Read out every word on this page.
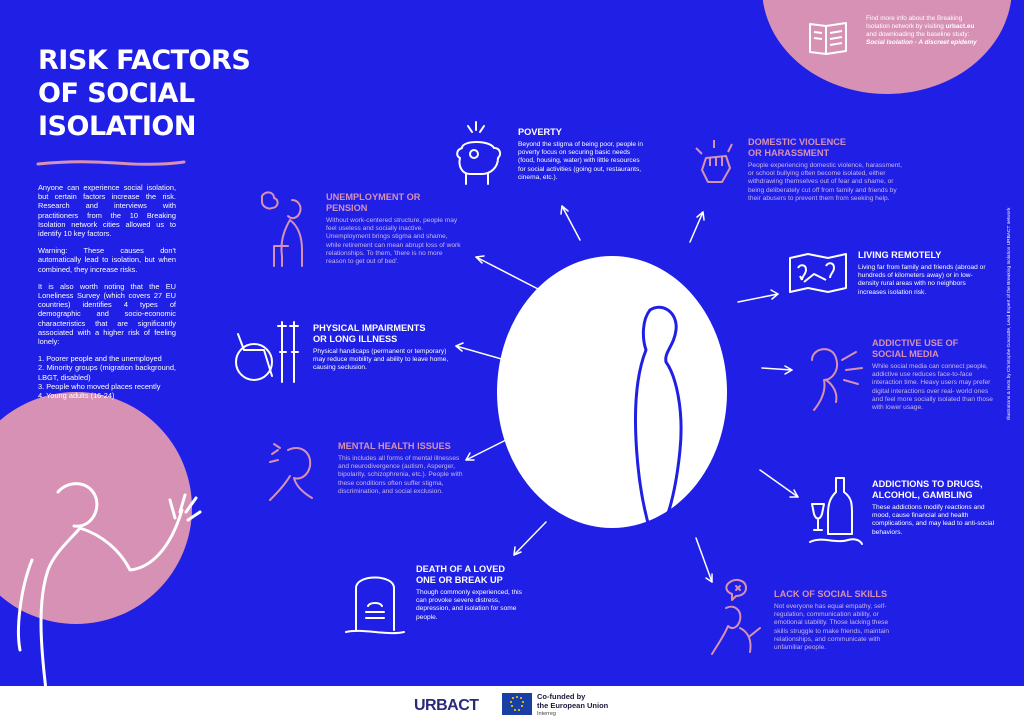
RISK FACTORS
OF SOCIAL
ISOLATION

Anyone can experience social isolation, but certain factors increase the risk. Research and interviews with practitioners from the 10 Breaking Isolation network cities allowed us to identify 10 key factors.

Warning: These causes don't automatically lead to isolation, but when combined, they increase risks.

It is also worth noting that the EU Loneliness Survey (which covers 27 EU countries) identifies 4 types of demographic and socio-economic characteristics that are significantly associated with a higher risk of feeling lonely:

1. Poorer people and the unemployed
2. Minority groups (migration background, LBGT, disabled)
3. People who moved places recently
4. Young adults (16-24)
Find more info about the Breaking Isolation network by visiting urbact.eu and downloading the baseline study: Social Isolation - A discreet epidemy
POVERTY

Beyond the stigma of being poor, people in poverty focus on securing basic needs (food, housing, water) with little resources for social activities (going out, restaurants, cinema, etc.).

DOMESTIC VIOLENCE
OR HARASSMENT

People experiencing domestic violence, harassment, or school bullying often become isolated, either withdrawing themselves out of fear and shame, or being deliberately cut off from family and friends by their abusers to prevent them from seeking help.

UNEMPLOYMENT OR
PENSION

Without work-centered structure, people may feel useless and socially inactive. Unemployment brings stigma and shame, while retirement can mean abrupt loss of work relationships. To them, 'there is no more reason to get out of bed'.

LIVING REMOTELY

Living far from family and friends (abroad or hundreds of kilometers away) or in low-density rural areas with no neighbors increases isolation risk.

PHYSICAL IMPAIRMENTS
OR LONG ILLNESS

Physical handicaps (permanent or temporary) may reduce mobility and ability to leave home, causing seclusion.

ADDICTIVE USE OF
SOCIAL MEDIA

While social media can connect people, addictive use reduces face-to-face interaction time. Heavy users may prefer digital interactions over real- world ones and feel more socially isolated than those with lower usage.

MENTAL HEALTH ISSUES

This includes all forms of mental illnesses and neurodivergence (autism, Asperger, bipolarity, schizophrenia, etc.). People with these conditions often suffer stigma, discrimination, and social exclusion.

ADDICTIONS TO DRUGS,
ALCOHOL, GAMBLING

These addictions modify reactions and mood, cause financial and health complications, and may lead to anti-social behaviors.

DEATH OF A LOVED
ONE OR BREAK UP

Though commonly experienced, this can provoke severe distress, depression, and isolation for some people.

LACK OF SOCIAL SKILLS

Not everyone has equal empathy, self-regulation, communication ability, or emotional stability. Those lacking these skills struggle to make friends, maintain relationships, and communicate with unfamiliar people.

Illustrations & texts by Christophe Goucatte, Lead Expert of the Breaking Isolation URBACT network
URBACT
Co-funded by
the European Union
Interreg
